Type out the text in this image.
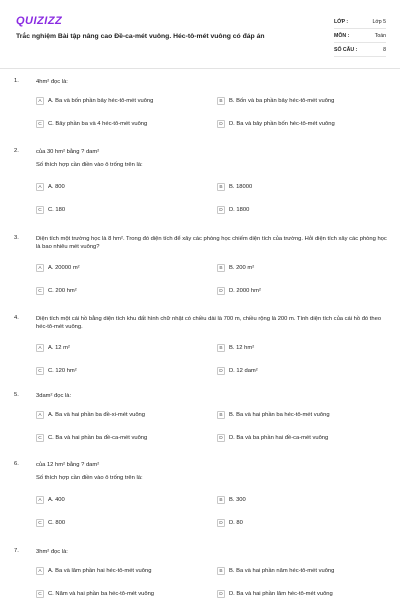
QUIZIZZ
Trắc nghiệm Bài tập nâng cao Đề-ca-mét vuông. Héc-tô-mét vuông có đáp án
LỚP :	Lớp 5
MÔN :	Toán
SỐ CÂU :	8
1.	4hm² đọc là:
A	A. Ba và bốn phần bảy héc-tô-mét vuông	B	B. Bốn và ba phần bảy héc-tô-mét vuông
C	C. Bảy phần ba và 4 héc-tô-mét vuông	D	D. Ba và bảy phần bốn héc-tô-mét vuông
2.	của 30 hm² bằng ? dam²
Số thích hợp cần điền vào ô trống trên là:
A	A. 800	B	B. 18000
C	C. 180	D	D. 1800
3.	Diện tích một trường học là 8 hm². Trong đó diện tích để xây các phòng học chiếm diện tích của trường. Hỏi diện tích xây các phòng học là bao nhiêu mét vuông?
A	A. 20000 m²	B	B. 200 m²
C	C. 200 hm²	D	D. 2000 hm²
4.	Diện tích một cái hồ bằng diện tích khu đất hình chữ nhật có chiều dài là 700 m, chiều rộng là 200 m. Tính diện tích của cái hồ đó theo héc-tô-mét vuông.
A	A. 12 m²	B	B. 12 hm²
C	C. 120 hm²	D	D. 12 dam²
5.	3dam² đọc là:
A	A. Ba và hai phần ba đề-xi-mét vuông	B	B. Ba và hai phần ba héc-tô-mét vuông
C	C. Ba và hai phần ba đề-ca-mét vuông	D	D. Ba và ba phần hai đề-ca-mét vuông
6.	của 12 hm² bằng ? dam²
Số thích hợp cần điền vào ô trống trên là:
A	A. 400	B	B. 300
C	C. 800	D	D. 80
7.	3hm² đọc là:
A	A. Ba và lâm phần hai héc-tô-mét vuông	B	B. Ba và hai phần năm héc-tô-mét vuông
C	C. Năm và hai phần ba héc-tô-mét vuông	D	D. Ba và hai phần lâm héc-tô-mét vuông
